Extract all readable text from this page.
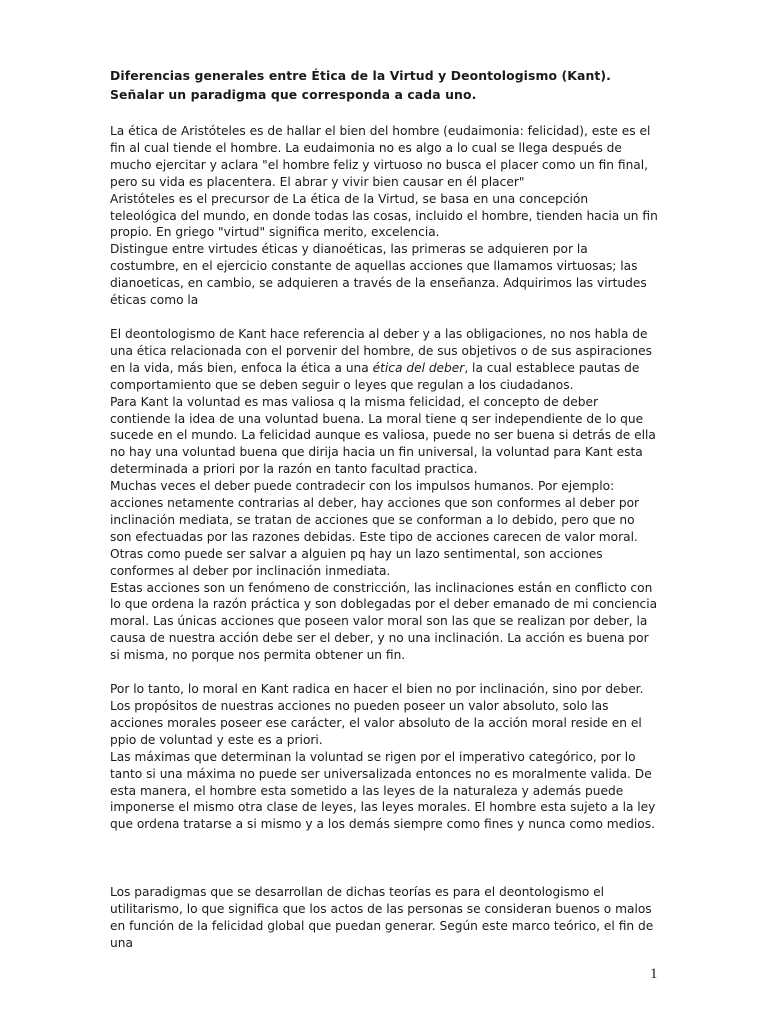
Diferencias generales entre Ética de la Virtud y Deontologismo (Kant). Señalar un paradigma que corresponda a cada uno.

La ética de Aristóteles es de hallar el bien del hombre (eudaimonia: felicidad), este es el fin al cual tiende el hombre. La eudaimonia no es algo a lo cual se llega después de mucho ejercitar y aclara "el hombre feliz y virtuoso no busca el placer como un fin final, pero su vida es placentera. El abrar y vivir bien causar en él placer"

Aristóteles es el precursor de La ética de la Virtud, se basa en una concepción teleológica del mundo, en donde todas las cosas, incluido el hombre, tienden hacia un fin propio. En griego "virtud" significa merito, excelencia.

Distingue entre virtudes éticas y dianoéticas, las primeras se adquieren por la costumbre, en el ejercicio constante de aquellas acciones que llamamos virtuosas; las dianoeticas, en cambio, se adquieren a través de la enseñanza. Adquirimos las virtudes éticas como la

El deontologismo de Kant hace referencia al deber y a las obligaciones, no nos habla de una ética relacionada con el porvenir del hombre, de sus objetivos o de sus aspiraciones en la vida, más bien, enfoca la ética a una ética del deber, la cual establece pautas de comportamiento que se deben seguir o leyes que regulan a los ciudadanos.

Para Kant la voluntad es mas valiosa q la misma felicidad, el concepto de deber contiende la idea de una voluntad buena. La moral tiene q ser independiente de lo que sucede en el mundo. La felicidad aunque es valiosa, puede no ser buena si detrás de ella no hay una voluntad buena que dirija hacia un fin universal, la voluntad para Kant esta determinada a priori por la razón en tanto facultad practica.

Muchas veces el deber puede contradecir con los impulsos humanos. Por ejemplo: acciones netamente contrarias al deber, hay acciones que son conformes al deber por inclinación mediata, se tratan de acciones que se conforman a lo debido, pero que no son efectuadas por las razones debidas. Este tipo de acciones carecen de valor moral.

Otras como puede ser salvar a alguien pq hay un lazo sentimental, son acciones conformes al deber por inclinación inmediata.

Estas acciones son un fenómeno de constricción, las inclinaciones están en conflicto con lo que ordena la razón práctica y son doblegadas por el deber emanado de mi conciencia moral. Las únicas acciones que poseen valor moral son las que se realizan por deber, la causa de nuestra acción debe ser el deber, y no una inclinación. La acción es buena por si misma, no porque nos permita obtener un fin.

Por lo tanto, lo moral en Kant radica en hacer el bien no por inclinación, sino por deber. Los propósitos de nuestras acciones no pueden poseer un valor absoluto, solo las acciones morales poseer ese carácter, el valor absoluto de la acción moral reside en el ppio de voluntad y este es a priori.

Las máximas que determinan la voluntad se rigen por el imperativo categórico, por lo tanto si una máxima no puede ser universalizada entonces no es moralmente valida. De esta manera, el hombre esta sometido a las leyes de la naturaleza y además puede imponerse el mismo otra clase de leyes, las leyes morales. El hombre esta sujeto a la ley que ordena tratarse a si mismo y a los demás siempre como fines y nunca como medios.

Los paradigmas que se desarrollan de dichas teorías es para el deontologismo el utilitarismo, lo que significa que los actos de las personas se consideran buenos o malos en función de la felicidad global que puedan generar. Según este marco teórico, el fin de una

1
